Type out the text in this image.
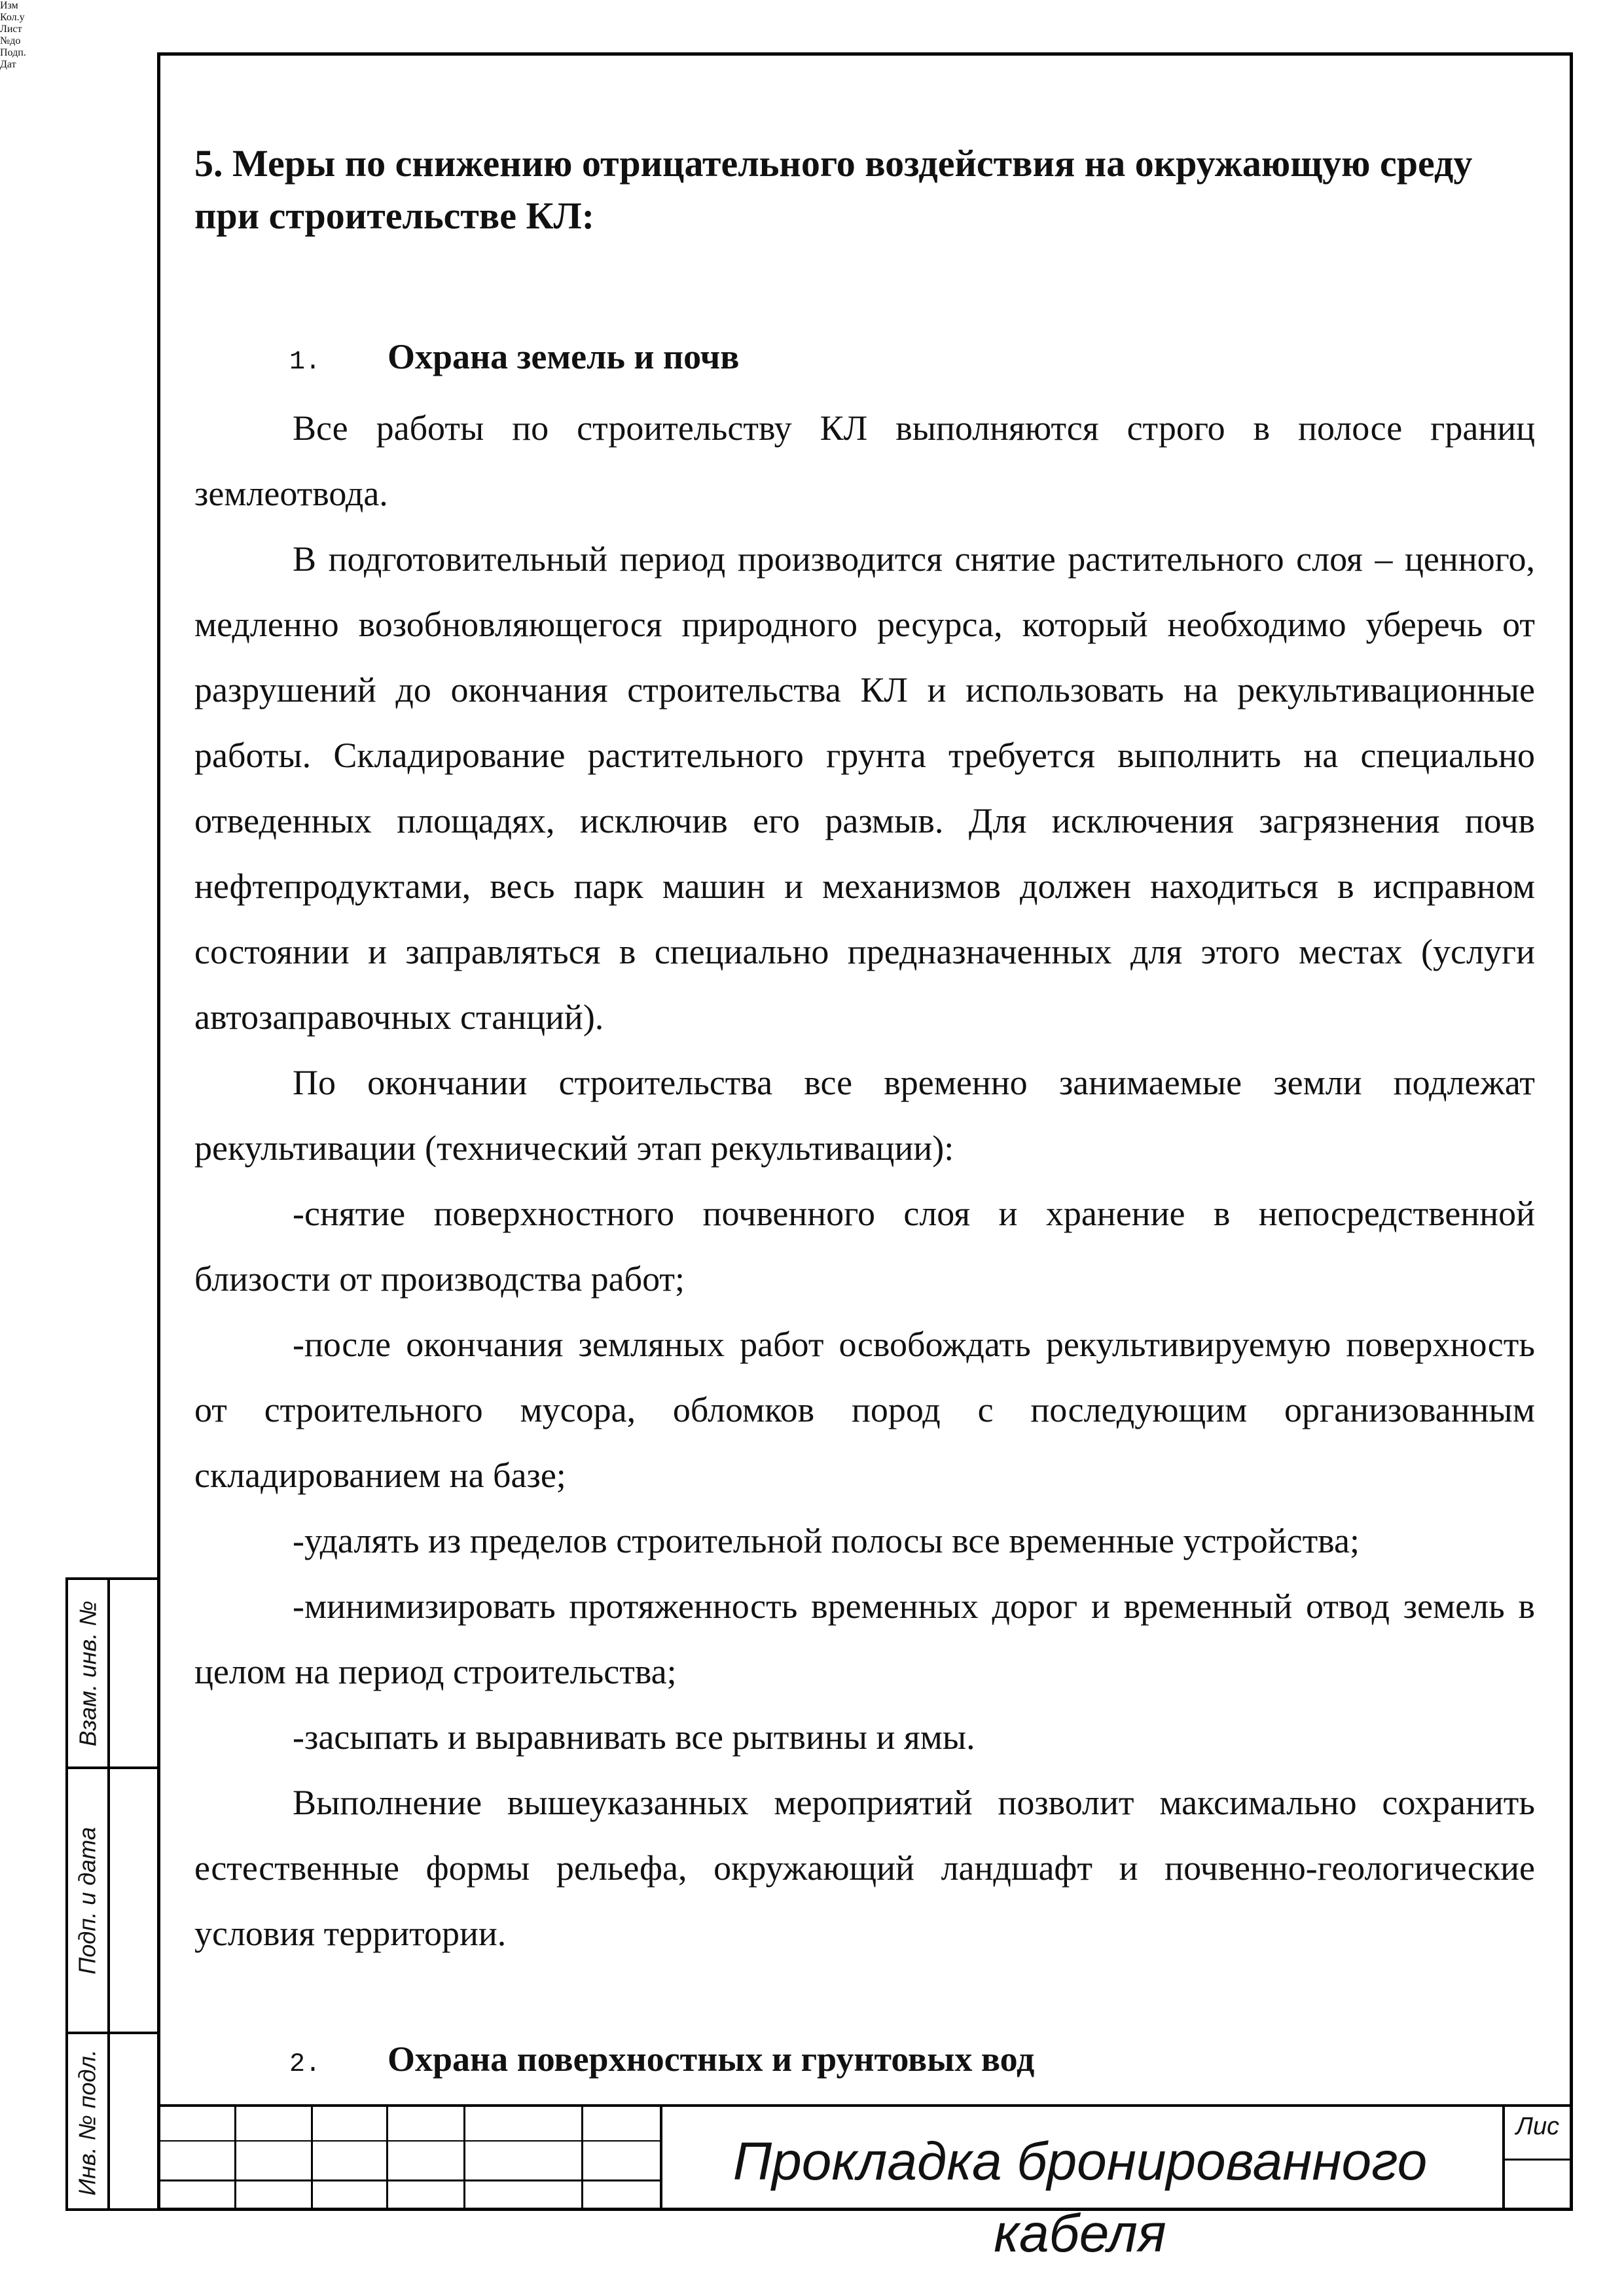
5. Меры по снижению отрицательного воздействия на окружающую среду при строительстве КЛ:
1.	Охрана земель и почв

Все работы по строительству КЛ выполняются строго в полосе границ землеотвода.

В подготовительный период производится снятие растительного слоя – ценного, медленно возобновляющегося природного ресурса, который необходимо уберечь от разрушений до окончания строительства КЛ и использовать на рекультивационные работы. Складирование растительного грунта требуется выполнить на специально отведенных площадях, исключив его размыв. Для исключения загрязнения почв нефтепродуктами, весь парк машин и механизмов должен находиться в исправном состоянии и заправляться в специально предназначенных для этого местах (услуги автозаправочных станций).

По окончании строительства все временно занимаемые земли подлежат рекультивации (технический этап рекультивации):

-снятие поверхностного почвенного слоя и хранение в непосредственной близости от производства работ;

-после окончания земляных работ освобождать рекультивируемую поверхность от строительного мусора, обломков пород с последующим организованным складированием на базе;

-удалять из пределов строительной полосы все временные устройства;

-минимизировать протяженность временных дорог и временный отвод земель в целом на период строительства;

-засыпать и выравнивать все рытвины и ямы.

Выполнение вышеуказанных мероприятий позволит максимально сохранить естественные формы рельефа, окружающий ландшафт и почвенно-геологические условия территории.

2.	Охрана поверхностных и грунтовых вод
Взам. инв. №
Подп. и дата
Инв. № подл.
Изм
Кол.у
Лист
№до
Подп.
Дат
Прокладка бронированного кабеля
Лис
